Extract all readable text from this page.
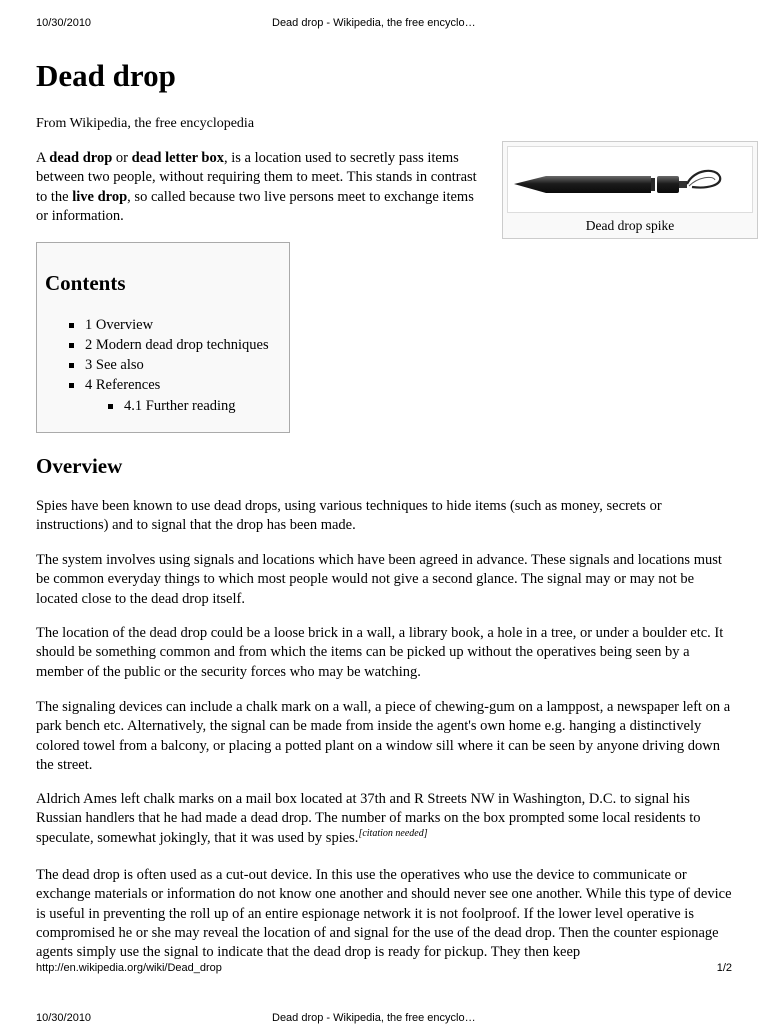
10/30/2010	Dead drop - Wikipedia, the free encyclo…
Dead drop
From Wikipedia, the free encyclopedia

A dead drop or dead letter box, is a location used to secretly pass items between two people, without requiring them to meet. This stands in contrast to the live drop, so called because two live persons meet to exchange items or information.

Dead drop spike
Contents
1 Overview
2 Modern dead drop techniques
3 See also
4 References
4.1 Further reading
Overview

Spies have been known to use dead drops, using various techniques to hide items (such as money, secrets or instructions) and to signal that the drop has been made.

The system involves using signals and locations which have been agreed in advance. These signals and locations must be common everyday things to which most people would not give a second glance. The signal may or may not be located close to the dead drop itself.

The location of the dead drop could be a loose brick in a wall, a library book, a hole in a tree, or under a boulder etc. It should be something common and from which the items can be picked up without the operatives being seen by a member of the public or the security forces who may be watching.

The signaling devices can include a chalk mark on a wall, a piece of chewing-gum on a lamppost, a newspaper left on a park bench etc. Alternatively, the signal can be made from inside the agent's own home e.g. hanging a distinctively colored towel from a balcony, or placing a potted plant on a window sill where it can be seen by anyone driving down the street.

Aldrich Ames left chalk marks on a mail box located at 37th and R Streets NW in Washington, D.C. to signal his Russian handlers that he had made a dead drop. The number of marks on the box prompted some local residents to speculate, somewhat jokingly, that it was used by spies.[citation needed]

The dead drop is often used as a cut-out device. In this use the operatives who use the device to communicate or exchange materials or information do not know one another and should never see one another. While this type of device is useful in preventing the roll up of an entire espionage network it is not foolproof. If the lower level operative is compromised he or she may reveal the location of and signal for the use of the dead drop. Then the counter espionage agents simply use the signal to indicate that the dead drop is ready for pickup. They then keep

http://en.wikipedia.org/wiki/Dead_drop	1/2
10/30/2010	Dead drop - Wikipedia, the free encyclo…
